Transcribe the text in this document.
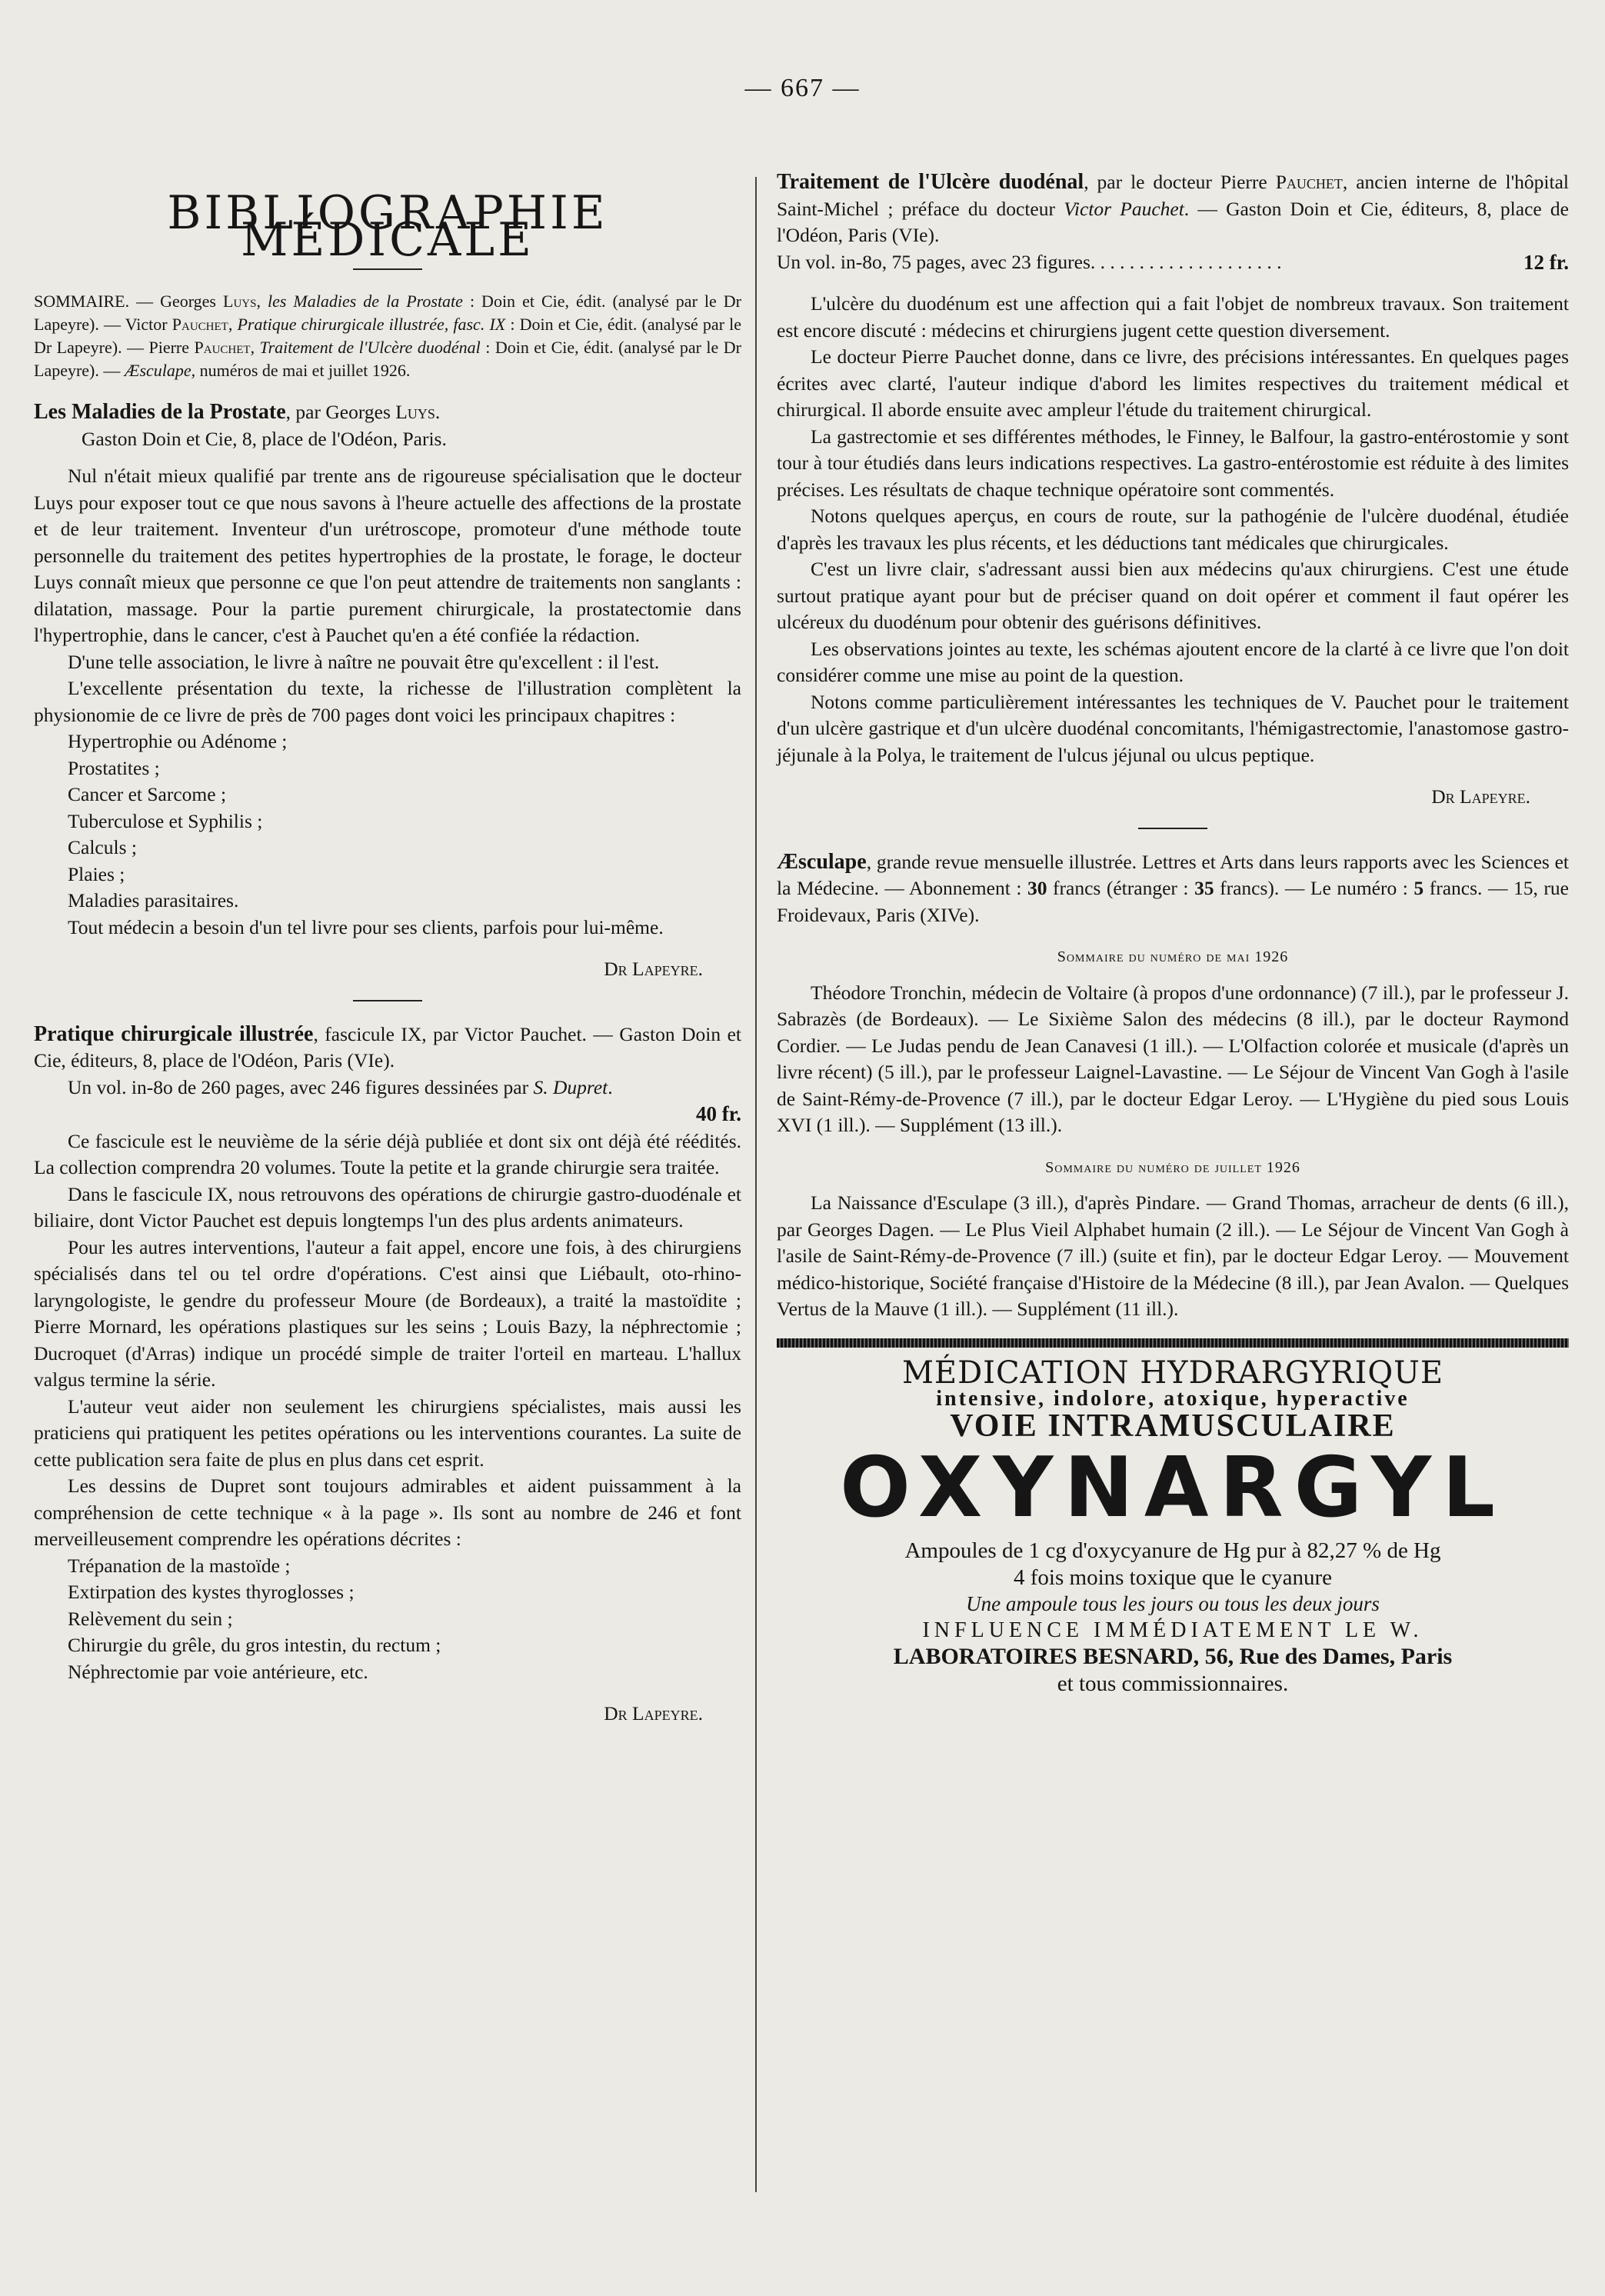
— 667 —
BIBLIOGRAPHIE MÉDICALE

SOMMAIRE. — Georges Luys, les Maladies de la Prostate : Doin et Cie, édit. (analysé par le Dr Lapeyre). — Victor Pauchet, Pratique chirurgicale illustrée, fasc. IX : Doin et Cie, édit. (analysé par le Dr Lapeyre). — Pierre Pauchet, Traitement de l'Ulcère duodénal : Doin et Cie, édit. (analysé par le Dr Lapeyre). — Æsculape, numéros de mai et juillet 1926.

Les Maladies de la Prostate, par Georges Luys.

Gaston Doin et Cie, 8, place de l'Odéon, Paris.

Nul n'était mieux qualifié par trente ans de rigoureuse spécialisation que le docteur Luys pour exposer tout ce que nous savons à l'heure actuelle des affections de la prostate et de leur traitement. Inventeur d'un urétroscope, promoteur d'une méthode toute personnelle du traitement des petites hypertrophies de la prostate, le forage, le docteur Luys connaît mieux que personne ce que l'on peut attendre de traitements non sanglants : dilatation, massage. Pour la partie purement chirurgicale, la prostatectomie dans l'hypertrophie, dans le cancer, c'est à Pauchet qu'en a été confiée la rédaction.

D'une telle association, le livre à naître ne pouvait être qu'excellent : il l'est.

L'excellente présentation du texte, la richesse de l'illustration complètent la physionomie de ce livre de près de 700 pages dont voici les principaux chapitres :

Hypertrophie ou Adénome ;
Prostatites ;
Cancer et Sarcome ;
Tuberculose et Syphilis ;
Calculs ;
Plaies ;
Maladies parasitaires.

Tout médecin a besoin d'un tel livre pour ses clients, parfois pour lui-même.

Dr Lapeyre.

Pratique chirurgicale illustrée, fascicule IX, par Victor Pauchet. — Gaston Doin et Cie, éditeurs, 8, place de l'Odéon, Paris (VIe).

Un vol. in-8o de 260 pages, avec 246 figures dessinées par S. Dupret.

40 fr.

Ce fascicule est le neuvième de la série déjà publiée et dont six ont déjà été réédités. La collection comprendra 20 volumes. Toute la petite et la grande chirurgie sera traitée.

Dans le fascicule IX, nous retrouvons des opérations de chirurgie gastro-duodénale et biliaire, dont Victor Pauchet est depuis longtemps l'un des plus ardents animateurs.

Pour les autres interventions, l'auteur a fait appel, encore une fois, à des chirurgiens spécialisés dans tel ou tel ordre d'opérations. C'est ainsi que Liébault, oto-rhino-laryngologiste, le gendre du professeur Moure (de Bordeaux), a traité la mastoïdite ; Pierre Mornard, les opérations plastiques sur les seins ; Louis Bazy, la néphrectomie ; Ducroquet (d'Arras) indique un procédé simple de traiter l'orteil en marteau. L'hallux valgus termine la série.

L'auteur veut aider non seulement les chirurgiens spécialistes, mais aussi les praticiens qui pratiquent les petites opérations ou les interventions courantes. La suite de cette publication sera faite de plus en plus dans cet esprit.

Les dessins de Dupret sont toujours admirables et aident puissamment à la compréhension de cette technique « à la page ». Ils sont au nombre de 246 et font merveilleusement comprendre les opérations décrites :

Trépanation de la mastoïde ;
Extirpation des kystes thyroglosses ;
Relèvement du sein ;
Chirurgie du grêle, du gros intestin, du rectum ;
Néphrectomie par voie antérieure, etc.

Dr Lapeyre.

Traitement de l'Ulcère duodénal, par le docteur Pierre Pauchet, ancien interne de l'hôpital Saint-Michel ; préface du docteur Victor Pauchet. — Gaston Doin et Cie, éditeurs, 8, place de l'Odéon, Paris (VIe).

Un vol. in-8o, 75 pages, avec 23 figures. . . . . . . . . . . . . . . . . . . .	12 fr.

L'ulcère du duodénum est une affection qui a fait l'objet de nombreux travaux. Son traitement est encore discuté : médecins et chirurgiens jugent cette question diversement.

Le docteur Pierre Pauchet donne, dans ce livre, des précisions intéressantes. En quelques pages écrites avec clarté, l'auteur indique d'abord les limites respectives du traitement médical et chirurgical. Il aborde ensuite avec ampleur l'étude du traitement chirurgical.

La gastrectomie et ses différentes méthodes, le Finney, le Balfour, la gastro-entérostomie y sont tour à tour étudiés dans leurs indications respectives. La gastro-entérostomie est réduite à des limites précises. Les résultats de chaque technique opératoire sont commentés.

Notons quelques aperçus, en cours de route, sur la pathogénie de l'ulcère duodénal, étudiée d'après les travaux les plus récents, et les déductions tant médicales que chirurgicales.

C'est un livre clair, s'adressant aussi bien aux médecins qu'aux chirurgiens. C'est une étude surtout pratique ayant pour but de préciser quand on doit opérer et comment il faut opérer les ulcéreux du duodénum pour obtenir des guérisons définitives.

Les observations jointes au texte, les schémas ajoutent encore de la clarté à ce livre que l'on doit considérer comme une mise au point de la question.

Notons comme particulièrement intéressantes les techniques de V. Pauchet pour le traitement d'un ulcère gastrique et d'un ulcère duodénal concomitants, l'hémigastrectomie, l'anastomose gastro-jéjunale à la Polya, le traitement de l'ulcus jéjunal ou ulcus peptique.

Dr Lapeyre.

Æsculape, grande revue mensuelle illustrée. Lettres et Arts dans leurs rapports avec les Sciences et la Médecine. — Abonnement : 30 francs (étranger : 35 francs). — Le numéro : 5 francs. — 15, rue Froidevaux, Paris (XIVe).

Sommaire du numéro de mai 1926

Théodore Tronchin, médecin de Voltaire (à propos d'une ordonnance) (7 ill.), par le professeur J. Sabrazès (de Bordeaux). — Le Sixième Salon des médecins (8 ill.), par le docteur Raymond Cordier. — Le Judas pendu de Jean Canavesi (1 ill.). — L'Olfaction colorée et musicale (d'après un livre récent) (5 ill.), par le professeur Laignel-Lavastine. — Le Séjour de Vincent Van Gogh à l'asile de Saint-Rémy-de-Provence (7 ill.), par le docteur Edgar Leroy. — L'Hygiène du pied sous Louis XVI (1 ill.). — Supplément (13 ill.).

Sommaire du numéro de juillet 1926

La Naissance d'Esculape (3 ill.), d'après Pindare. — Grand Thomas, arracheur de dents (6 ill.), par Georges Dagen. — Le Plus Vieil Alphabet humain (2 ill.). — Le Séjour de Vincent Van Gogh à l'asile de Saint-Rémy-de-Provence (7 ill.) (suite et fin), par le docteur Edgar Leroy. — Mouvement médico-historique, Société française d'Histoire de la Médecine (8 ill.), par Jean Avalon. — Quelques Vertus de la Mauve (1 ill.). — Supplément (11 ill.).

MÉDICATION HYDRARGYRIQUE
intensive, indolore, atoxique, hyperactive
VOIE INTRAMUSCULAIRE
OXYNARGYL
Ampoules de 1 cg d'oxycyanure de Hg pur à 82,27 % de Hg
4 fois moins toxique que le cyanure
Une ampoule tous les jours ou tous les deux jours
INFLUENCE IMMÉDIATEMENT LE W.
LABORATOIRES BESNARD, 56, Rue des Dames, Paris
et tous commissionnaires.
